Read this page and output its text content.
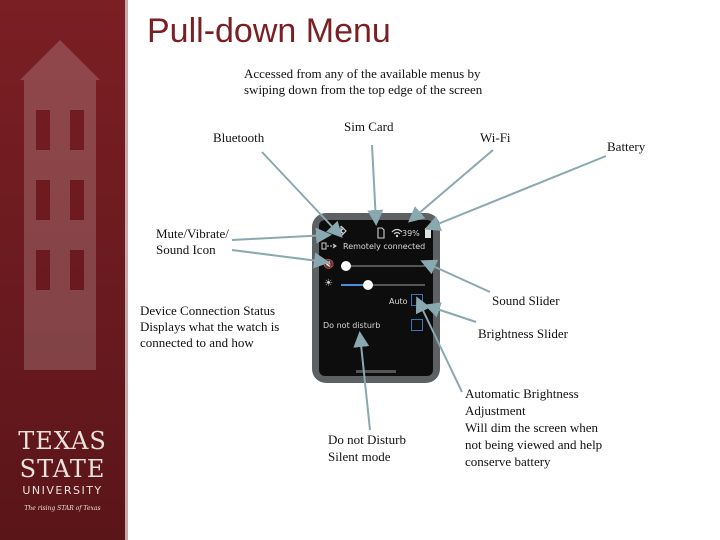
TEXAS
STATE
UNIVERSITY
The rising STAR of Texas
Pull-down Menu
Accessed from any of the available menus by
swiping down from the top edge of the screen
Bluetooth
Sim Card
Wi-Fi
Battery
Mute/Vibrate/
Sound Icon
Device Connection Status
Displays what the watch is
connected to and how
Sound Slider
Brightness Slider
Do not Disturb
Silent mode
Automatic Brightness
Adjustment
Will dim the screen when
not being viewed and help
conserve battery
39%
Remotely connected
🔇
☀
Auto
Do not disturb
